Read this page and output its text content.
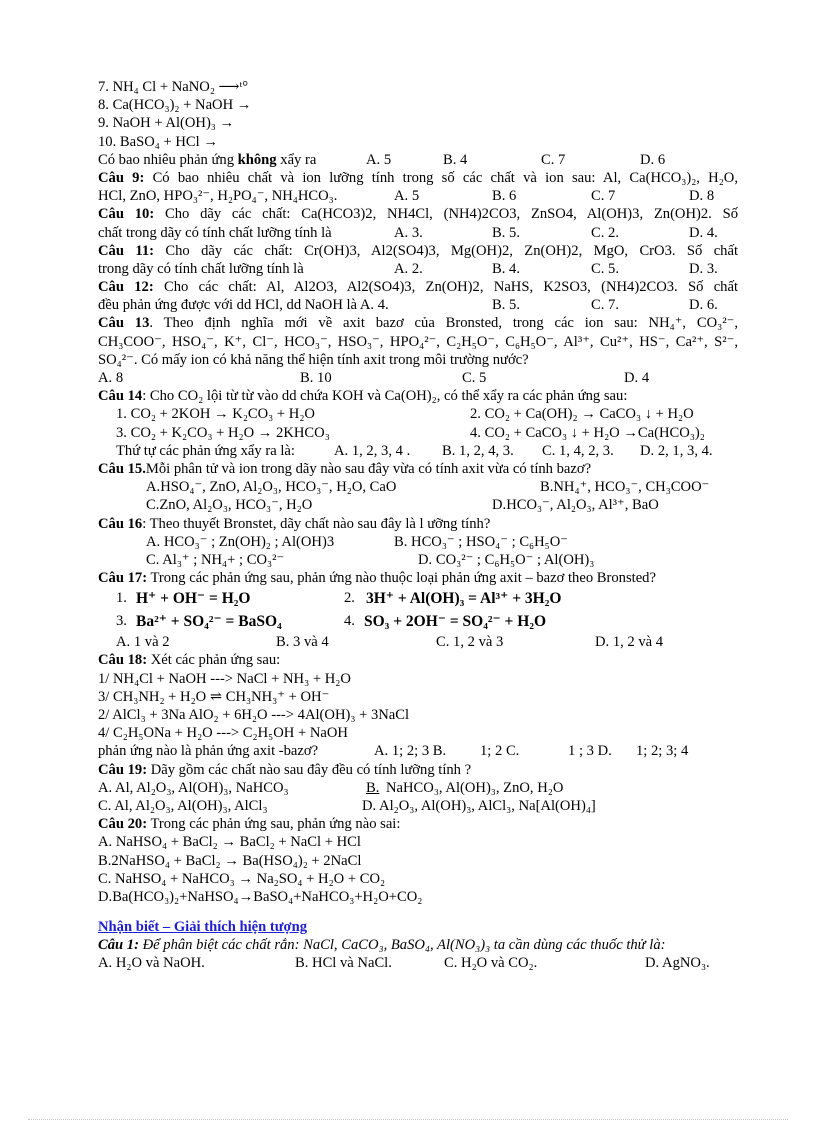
7. NH₄ Cl + NaNO₂ ⟶ᵗ°
8. Ca(HCO₃)₂ + NaOH →
9. NaOH + Al(OH)₃ →
10. BaSO₄ + HCl →
Có bao nhiêu phản ứng không xẩy ra	A. 5	B. 4	C. 7	D. 6
Câu 9: Có bao nhiêu chất và ion lưỡng tính trong số các chất và ion sau: Al, Ca(HCO₃)₂, H₂O,
HCl, ZnO, HPO₃²⁻, H₂PO₄⁻, NH₄HCO₃.	A. 5	B. 6	C. 7	D. 8
Câu 10: Cho dãy các chất: Ca(HCO3)2, NH4Cl, (NH4)2CO3, ZnSO4, Al(OH)3, Zn(OH)2. Số
chất trong dãy có tính chất lưỡng tính là	A. 3.	B. 5.	C. 2.	D. 4.
Câu 11: Cho dãy các chất: Cr(OH)3, Al2(SO4)3, Mg(OH)2, Zn(OH)2, MgO, CrO3. Số chất
trong dãy có tính chất lưỡng tính là	A. 2.	B. 4.	C. 5.	D. 3.
Câu 12: Cho các chất: Al, Al2O3, Al2(SO4)3, Zn(OH)2, NaHS, K2SO3, (NH4)2CO3. Số chất
đều phản ứng được với dd HCl, dd NaOH là A. 4.	B. 5.	C. 7.	D. 6.
Câu 13. Theo định nghĩa mới về axit bazơ của Bronsted, trong các ion sau: NH₄⁺, CO₃²⁻,
CH₃COO⁻, HSO₄⁻, K⁺, Cl⁻, HCO₃⁻, HSO₃⁻, HPO₄²⁻, C₂H₅O⁻, C₆H₅O⁻, Al³⁺, Cu²⁺, HS⁻, Ca²⁺, S²⁻,
SO₄²⁻. Có mấy ion có khả năng thể hiện tính axit trong môi trường nước?
A. 8	B. 10	C. 5	D. 4
Câu 14: Cho CO₂ lội từ từ vào dd chứa KOH và Ca(OH)₂, có thể xẩy ra các phản ứng sau:
1. CO₂ + 2KOH → K₂CO₃ + H₂O	2. CO₂ + Ca(OH)₂ → CaCO₃ ↓ + H₂O
3. CO₂ + K₂CO₃ + H₂O → 2KHCO₃	4. CO₂ + CaCO₃ ↓ + H₂O →Ca(HCO₃)₂
Thứ tự các phản ứng xẩy ra là:	A. 1, 2, 3, 4 . B. 1, 2, 4, 3. C. 1, 4, 2, 3. D. 2, 1, 3, 4.
Câu 15.Mỗi phân tử và ion trong dãy nào sau đây vừa có tính axit vừa có tính bazơ?
A.HSO₄⁻, ZnO, Al₂O₃, HCO₃⁻, H₂O, CaO	B.NH₄⁺, HCO₃⁻, CH₃COO⁻
C.ZnO, Al₂O₃, HCO₃⁻, H₂O	D.HCO₃⁻, Al₂O₃, Al³⁺, BaO
Câu 16: Theo thuyết Bronstet, dãy chất nào sau đây là l ưỡng tính?
A. HCO₃⁻ ; Zn(OH)₂ ; Al(OH)3	B. HCO₃⁻ ; HSO₄⁻ ; C₆H₅O⁻
C. Al₃⁺ ; NH₄+ ; CO₃²⁻	D. CO₃²⁻ ; C₆H₅O⁻ ; Al(OH)₃
Câu 17: Trong các phản ứng sau, phản ứng nào thuộc loại phản ứng axit – bazơ theo Bronsted?
1. H⁺ + OH⁻ = H₂O	2. 3H⁺ + Al(OH)₃ = Al³⁺ + 3H₂O
3. Ba²⁺ + SO₄²⁻ = BaSO₄	4. SO₃ + 2OH⁻ = SO₄²⁻ + H₂O
A. 1 và 2	B. 3 và 4	C. 1, 2 và 3	D. 1, 2 và 4
Câu 18: Xét các phản ứng sau:
1/ NH₄Cl + NaOH ---> NaCl + NH₃ + H₂O
3/ CH₃NH₂ + H₂O ⇌ CH₃NH₃⁺ + OH⁻
2/ AlCl₃ + 3Na AlO₂ + 6H₂O ---> 4Al(OH)₃ + 3NaCl
4/ C₂H₅ONa + H₂O ---> C₂H₅OH + NaOH
phản ứng nào là phản ứng axit -bazơ?	A. 1; 2; 3 B. 1; 2 C.	1 ; 3 D. 1; 2; 3; 4
Câu 19: Dãy gồm các chất nào sau đây đều có tính lưỡng tính ?
A. Al, Al₂O₃, Al(OH)₃, NaHCO₃	B. NaHCO₃, Al(OH)₃, ZnO, H₂O
C. Al, Al₂O₃, Al(OH)₃, AlCl₃	D. Al₂O₃, Al(OH)₃, AlCl₃, Na[Al(OH)₄]
Câu 20: Trong các phản ứng sau, phản ứng nào sai:
A. NaHSO₄ + BaCl₂ → BaCl₂ + NaCl + HCl
B.2NaHSO₄ + BaCl₂ → Ba(HSO₄)₂ + 2NaCl
C. NaHSO₄ + NaHCO₃ → Na₂SO₄ + H₂O + CO₂
D.Ba(HCO₃)₂+NaHSO₄→BaSO₄+NaHCO₃+H₂O+CO₂
Nhận biết – Giải thích hiện tượng
Câu 1: Để phân biệt các chất rắn: NaCl, CaCO₃, BaSO₄, Al(NO₃)₃ ta cần dùng các thuốc thử là:
A. H₂O và NaOH.	B. HCl và NaCl.	C. H₂O và CO₂.	D. AgNO₃.
